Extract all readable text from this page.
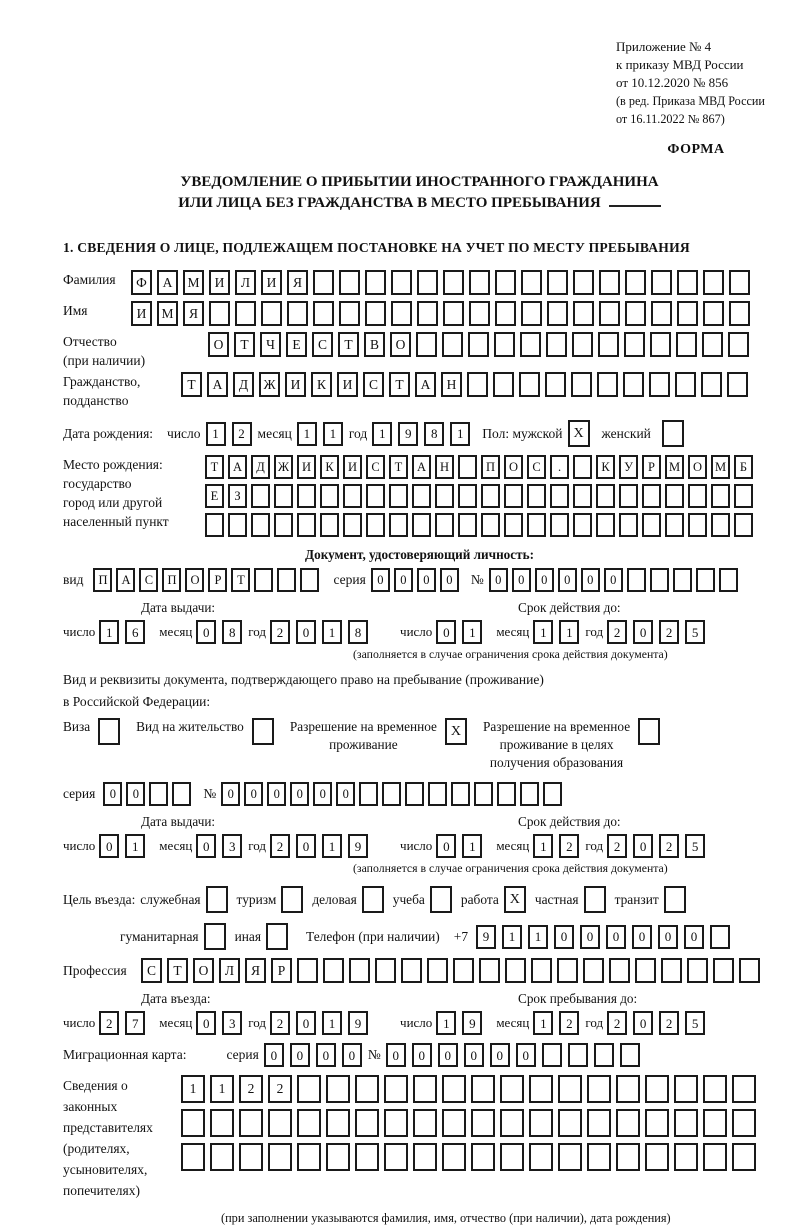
Приложение № 4
к приказу МВД России
от 10.12.2020 № 856
(в ред. Приказа МВД России
от 16.11.2022 № 867)
ФОРМА
УВЕДОМЛЕНИЕ О ПРИБЫТИИ ИНОСТРАННОГО ГРАЖДАНИНА
ИЛИ ЛИЦА БЕЗ ГРАЖДАНСТВА В МЕСТО ПРЕБЫВАНИЯ
1. СВЕДЕНИЯ О ЛИЦЕ, ПОДЛЕЖАЩЕМ ПОСТАНОВКЕ НА УЧЕТ ПО МЕСТУ ПРЕБЫВАНИЯ
Фамилия	Ф	А	М	И	Л	И	Я
Имя	И	М	Я
Отчество
(при наличии)
О	Т	Ч	Е	С	Т	В	О
Гражданство,
подданство
Т	А	Д	Ж	И	К	И	С	Т	А	Н
Дата рождения: число 1	2 месяц 1	1 год 1	9	8	1	Пол: мужской X	женский
Место рождения:
государство
город или другой
населенный пункт
Т	А	Д	Ж	И	К	И	С	Т	А	Н	П	О	С	.	К	У	Р	М	О	М	Б

Е	З

Документ, удостоверяющий личность:
вид	П	А	С	П	О	Р	Т	серия 0	0	0	0	№ 0	0	0	0	0	0
Дата выдачи:
число 1	6	месяц 0	8 год 2	0	1	8
Срок действия до:
число 0	1	месяц 1	1 год 2	0	2	5
(заполняется в случае ограничения срока действия документа)
Вид и реквизиты документа, подтверждающего право на пребывание (проживание)
в Российской Федерации:
Виза	Вид на жительство	Разрешение на временное
проживание
X	Разрешение на временное
проживание в целях
получения образования
серия	0	0	№ 0	0	0	0	0	0
Дата выдачи:
число 0	1	месяц 0	3 год 2	0	1	9
Срок действия до:
число 0	1	месяц 1	2 год 2	0	2	5
(заполняется в случае ограничения срока действия документа)
Цель въезда: служебная	туризм	деловая	учеба	работа X	частная	транзит
гуманитарная	иная	Телефон (при наличии) +7	9	1	1	0	0	0	0	0	0
Профессия	С	Т	О	Л	Я	Р
Дата въезда:
число 2	7	месяц 0	3 год 2	0	1	9
Срок пребывания до:
число 1	9	месяц 1	2 год 2	0	2	5
Миграционная карта:	серия 0	0	0	0 № 0	0	0	0	0	0
Сведения о
законных
представителях
(родителях,
усыновителях,
попечителях)
1	1	2	2
(при заполнении указываются фамилия, имя, отчество (при наличии), дата рождения)
